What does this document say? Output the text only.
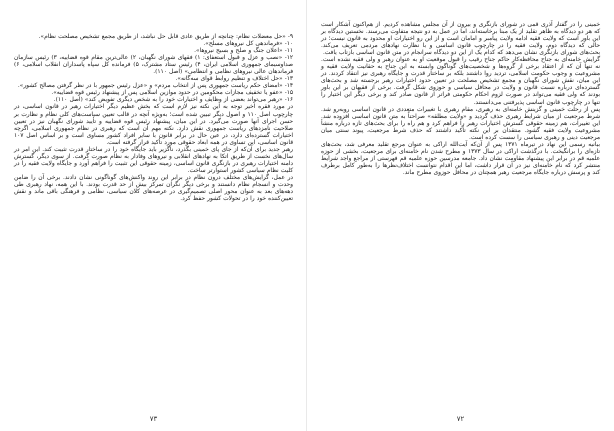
۹- «حل معضلات نظام: چنانچه از طریق عادی قابل حل نباشد، از طریق مجمع تشخیص مصلحت نظام».
۱۰- «فرماندهی کل نیروهای مسلح».
۱۱- «اعلان جنگ و صلح و بسیج نیروها».
۱۲- «نصب و عزل و قبول استعفای: ۱) فقهای شورای نگهبان، ۲) عالی‌ترین مقام قوه قضاییه، ۳) رئیس سازمان صداوسیمای جمهوری اسلامی ایران، ۴) رئیس ستاد مشترک، ۵) فرمانده کل سپاه پاسداران انقلاب اسلامی، ۶) فرماندهان عالی نیروهای نظامی و انتظامی» (اصل ۱۱۰).
۱۳- «حل اختلاف و تنظیم روابط قوای سه‌گانه».
۱۴- «امضای حکم ریاست جمهوری پس از انتخاب مردم» و «عزل رئیس جمهور با در نظر گرفتن مصالح کشور».
۱۵- «عفو یا تخفیف مجازات محکومین در حدود موازین اسلامی پس از پیشنهاد رئیس قوه قضاییه».
۱۶- «رهبر می‌تواند بعضی از وظایف و اختیارات خود را به شخص دیگری تفویض کند» (اصل ۱۱۰).

در مورد فقره اخیر توجه به این نکته نیز لازم است که بخش عظیم دیگر اختیارات رهبر در قانون اساسی، در چارچوب اصل ۱۱۰ و اصول دیگر تبیین شده است؛ به‌ویژه آنچه در قالب تعیین سیاست‌های کلی نظام و نظارت بر حسن اجرای آنها صورت می‌گیرد. در این میان، پیشنهاد رئیس قوه قضاییه و تأیید شورای نگهبان نیز در تعیین صلاحیت نامزدهای ریاست جمهوری نقش دارد. نکته مهم آن است که رهبری در نظام جمهوری اسلامی، اگرچه اختیارات گسترده‌ای دارد، در عین حال در برابر قانون با سایر افراد کشور مساوی است و بر اساس اصل ۱۰۷ قانون اساسی، این تساوی در همه ابعاد حقوقی مورد تأکید قرار گرفته است.

رهبر جدید برای آن‌که از جای پای خمینی بگذرد، ناگزیر باید جایگاه خود را در ساختار قدرت تثبیت کند. این امر در سال‌های نخست از طریق اتکا به نهادهای انقلابی و نیروهای وفادار به نظام صورت گرفت. از سوی دیگر، گسترش دامنه اختیارات رهبری در بازنگری قانون اساسی، زمینه حقوقی این تثبیت را فراهم آورد و جایگاه ولایت فقیه را در کلیت نظام سیاسی کشور استوارتر ساخت.

در عمل، گرایش‌های مختلف درون نظام در برابر این روند واکنش‌های گوناگونی نشان دادند. برخی آن را ضامن وحدت و انسجام نظام دانستند و برخی دیگر نگران تمرکز بیش از حد قدرت بودند. با این همه، نهاد رهبری طی دهه‌های بعد به عنوان محور اصلی تصمیم‌گیری در عرصه‌های کلان سیاسی، نظامی و فرهنگی باقی ماند و نقش تعیین‌کننده خود را در تحولات کشور حفظ کرد.

۷۳

خمینی را در گفتار آذری قمی در شورای بازنگری و بیرون از آن مجلس مشاهده کردیم. از هم‌اکنون آشکار است که هر دو دیدگاه به ظاهر تقلید از یک مبنا برخاسته‌اند، اما در عمل به دو نتیجه متفاوت می‌رسند. نخستین دیدگاه بر این باور است که ولایت فقیه ادامه ولایت پیامبر و امامان است و از این رو اختیارات او محدود به قانون نیست؛ در حالی که دیدگاه دوم، ولایت فقیه را در چارچوب قانون اساسی و با نظارت نهادهای مردمی تعریف می‌کند. بحث‌های شورای بازنگری نشان می‌دهد که کدام یک از این دو دیدگاه سرانجام در متن قانون اساسی بازتاب یافت.

گرایش خامنه‌ای به جناح محافظه‌کار حاکم جناح رقیب را قبول موقعیت او به عنوان رهبر و ولی فقیه نشده است. نه تنها آن که از اعتقاد برخی از گروه‌ها و شخصیت‌های گوناگون وابسته به این جناح به حقانیت ولایت فقیه و مشروعیت و وجوب حکومت اسلامی، تردید روا داشتند بلکه بر ساختار قدرت و جایگاه رهبری نیز انتقاد کردند. در این میان، نقش شورای نگهبان و مجمع تشخیص مصلحت در تعیین حدود اختیارات رهبر برجسته شد و بحث‌های گسترده‌ای درباره نسبت قانون و ولایت در محافل سیاسی و حوزوی شکل گرفت. برخی از فقیهان بر این باور بودند که ولی فقیه می‌تواند در صورت لزوم احکام حکومتی فراتر از قانون صادر کند و برخی دیگر این اختیار را تنها در چارچوب قانون اساسی پذیرفتنی می‌دانستند.

پس از رحلت خمینی و گزینش خامنه‌ای به رهبری، مقام رهبری با تغییرات متعددی در قانون اساسی روبه‌رو شد. شرط مرجعیت از میان شرایط رهبری حذف گردید و «ولایت مطلقه» صراحتاً به متن قانون اساسی افزوده شد. این تغییرات، هم زمینه حقوقی گسترش اختیارات رهبر را فراهم کرد و هم راه را برای بحث‌های تازه درباره منشأ مشروعیت ولایت فقیه گشود. منتقدان بر این نکته تأکید داشتند که حذف شرط مرجعیت، پیوند سنتی میان مرجعیت دینی و رهبری سیاسی را سست کرده است.

بیانیه رسمی این نهاد در تیرماه ۱۳۷۱ پس از آن‌که آیت‌الله اراکی به عنوان مرجع تقلید معرفی شد، بحث‌های تازه‌ای را برانگیخت. با درگذشت اراکی در سال ۱۳۷۳ و مطرح شدن نام خامنه‌ای برای مرجعیت، بخشی از حوزه علمیه قم در برابر این پیشنهاد مقاومت نشان داد. جامعه مدرسین حوزه علمیه قم فهرستی از مراجع واجد شرایط منتشر کرد که نام خامنه‌ای نیز در آن قرار داشت، اما این اقدام نتوانست اختلاف‌نظرها را به‌طور کامل برطرف کند و پرسش درباره جایگاه مرجعیت رهبر همچنان در محافل حوزوی مطرح ماند.

۷۲
